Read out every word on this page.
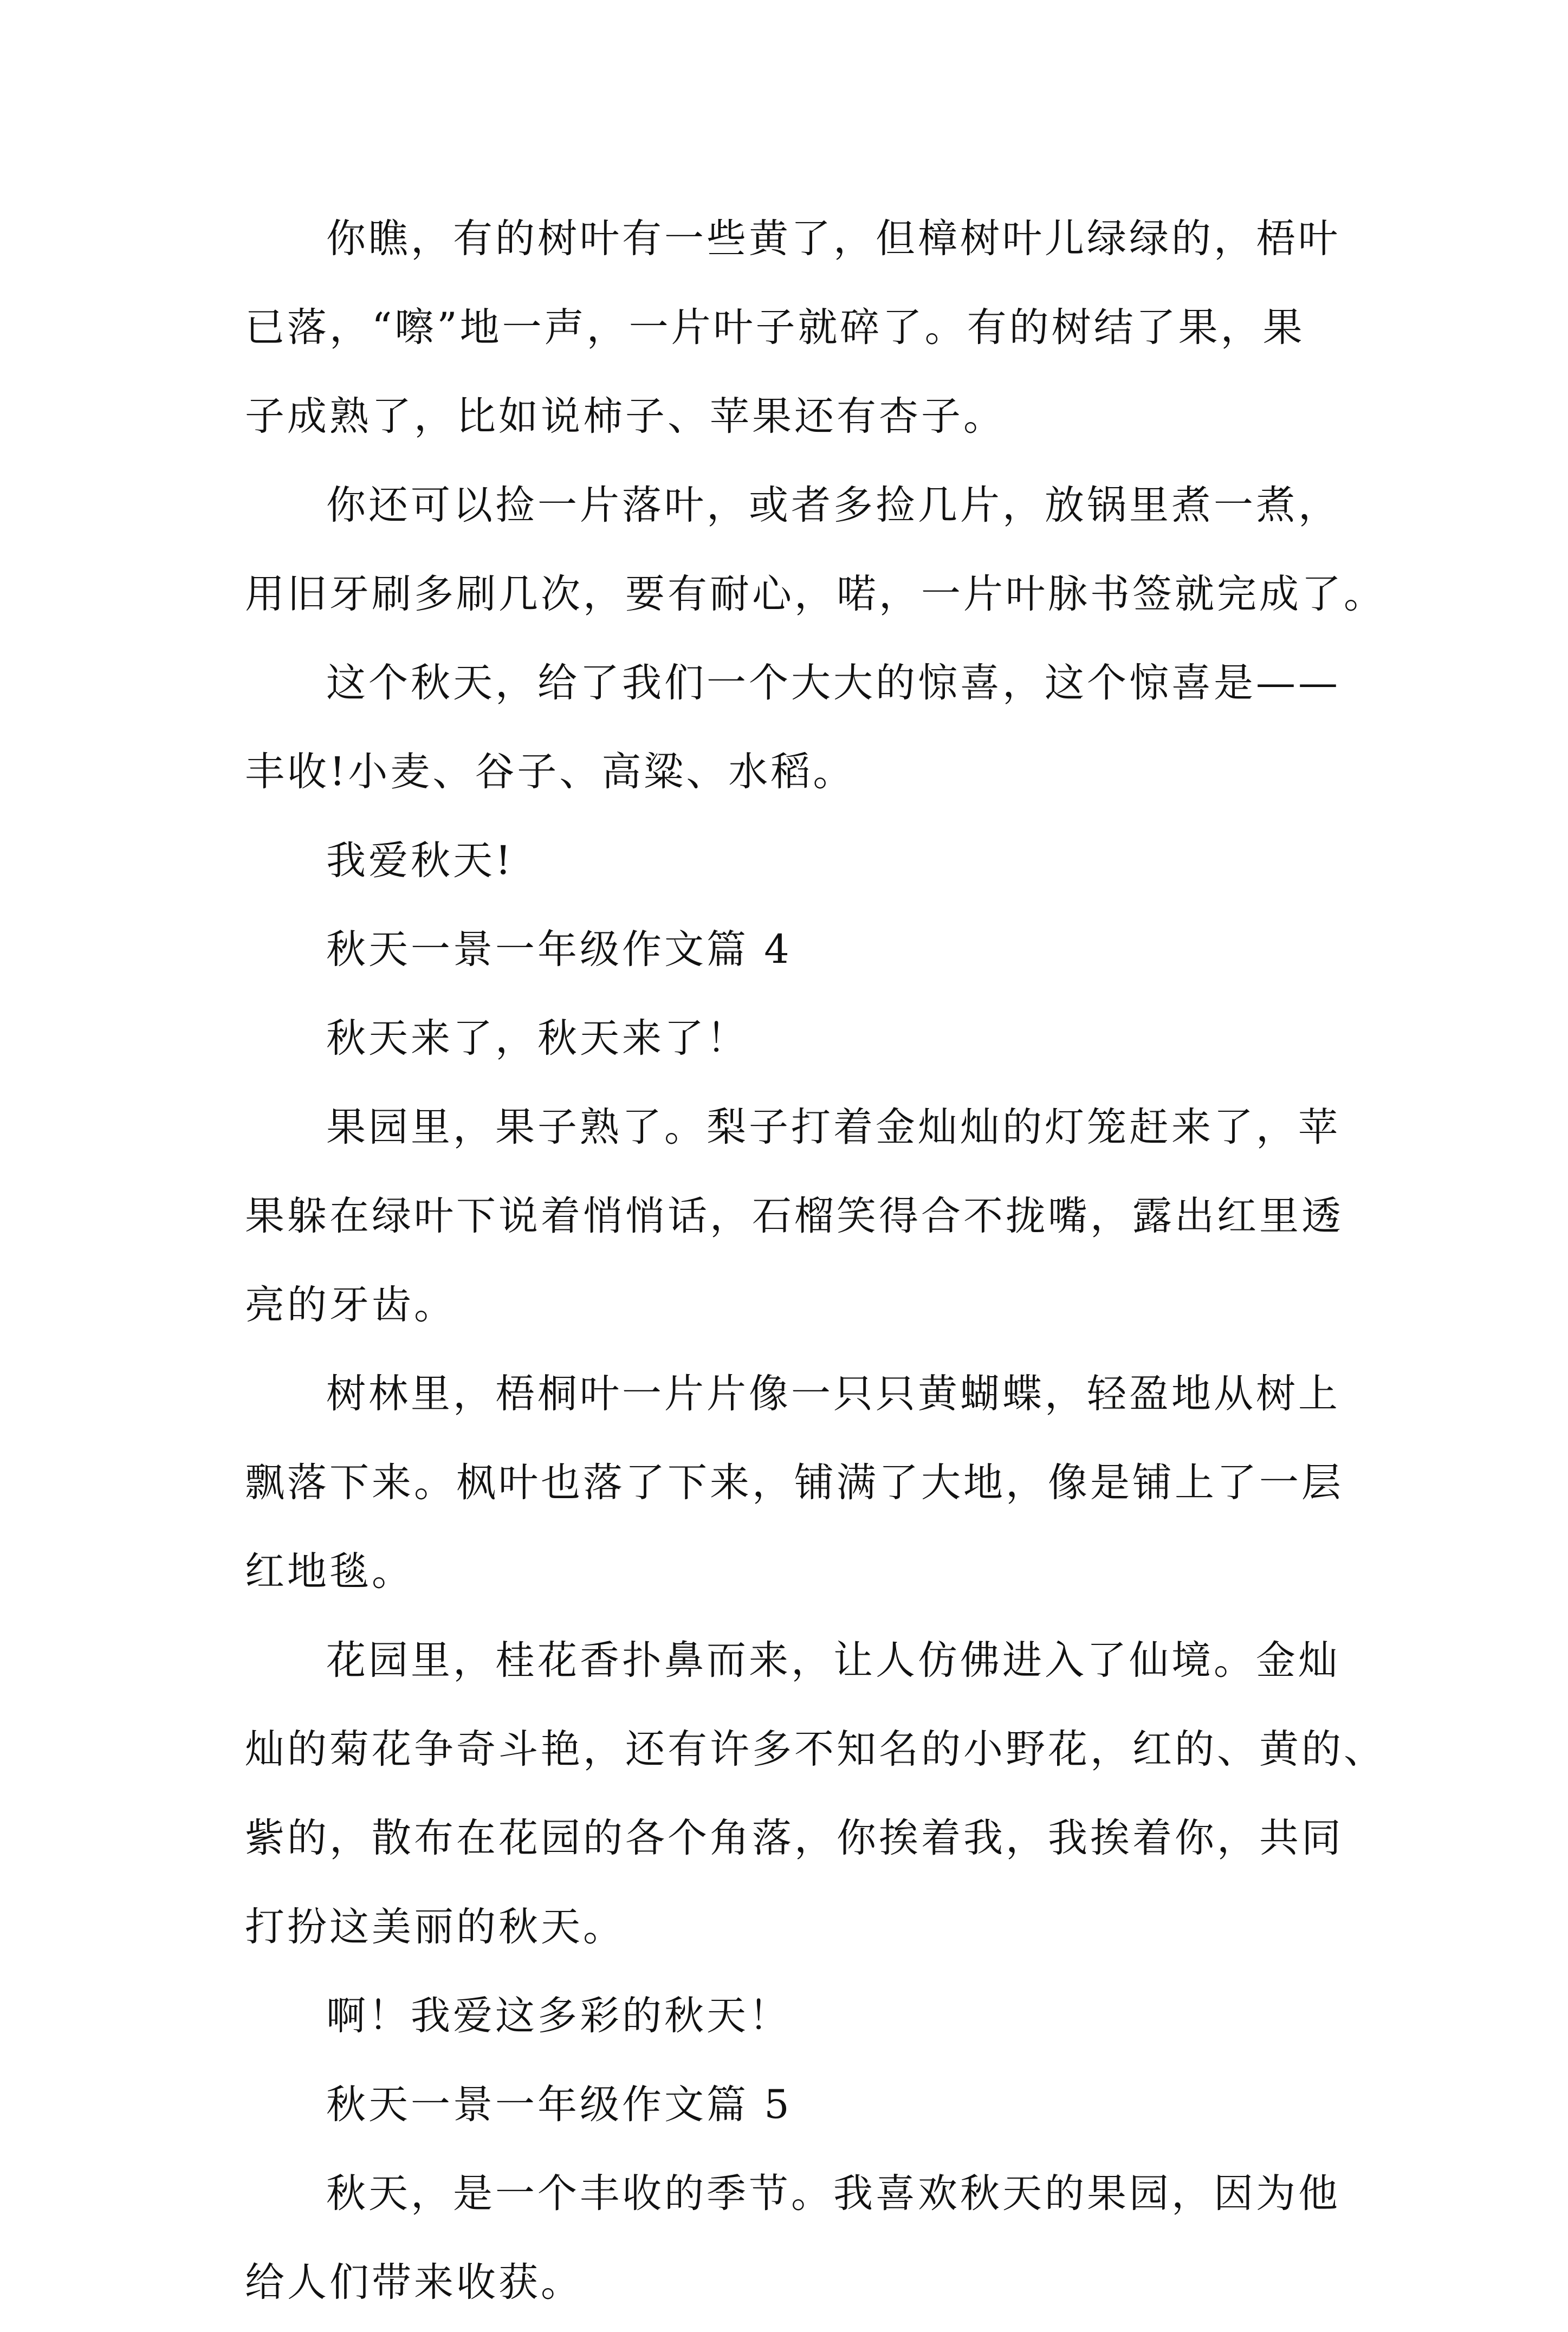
你瞧，有的树叶有一些黄了，但樟树叶儿绿绿的，梧叶
已落，“嚓”地一声，一片叶子就碎了。有的树结了果，果
子成熟了，比如说柿子、苹果还有杏子。
你还可以捡一片落叶，或者多捡几片，放锅里煮一煮，
用旧牙刷多刷几次，要有耐心，喏，一片叶脉书签就完成了。
这个秋天，给了我们一个大大的惊喜，这个惊喜是——
丰收!小麦、谷子、高粱、水稻。
我爱秋天!
秋天一景一年级作文篇 4
秋天来了，秋天来了！
果园里，果子熟了。梨子打着金灿灿的灯笼赶来了，苹
果躲在绿叶下说着悄悄话，石榴笑得合不拢嘴，露出红里透
亮的牙齿。
树林里，梧桐叶一片片像一只只黄蝴蝶，轻盈地从树上
飘落下来。枫叶也落了下来，铺满了大地，像是铺上了一层
红地毯。
花园里，桂花香扑鼻而来，让人仿佛进入了仙境。金灿
灿的菊花争奇斗艳，还有许多不知名的小野花，红的、黄的、
紫的，散布在花园的各个角落，你挨着我，我挨着你，共同
打扮这美丽的秋天。
啊！我爱这多彩的秋天！
秋天一景一年级作文篇 5
秋天，是一个丰收的季节。我喜欢秋天的果园，因为他
给人们带来收获。
